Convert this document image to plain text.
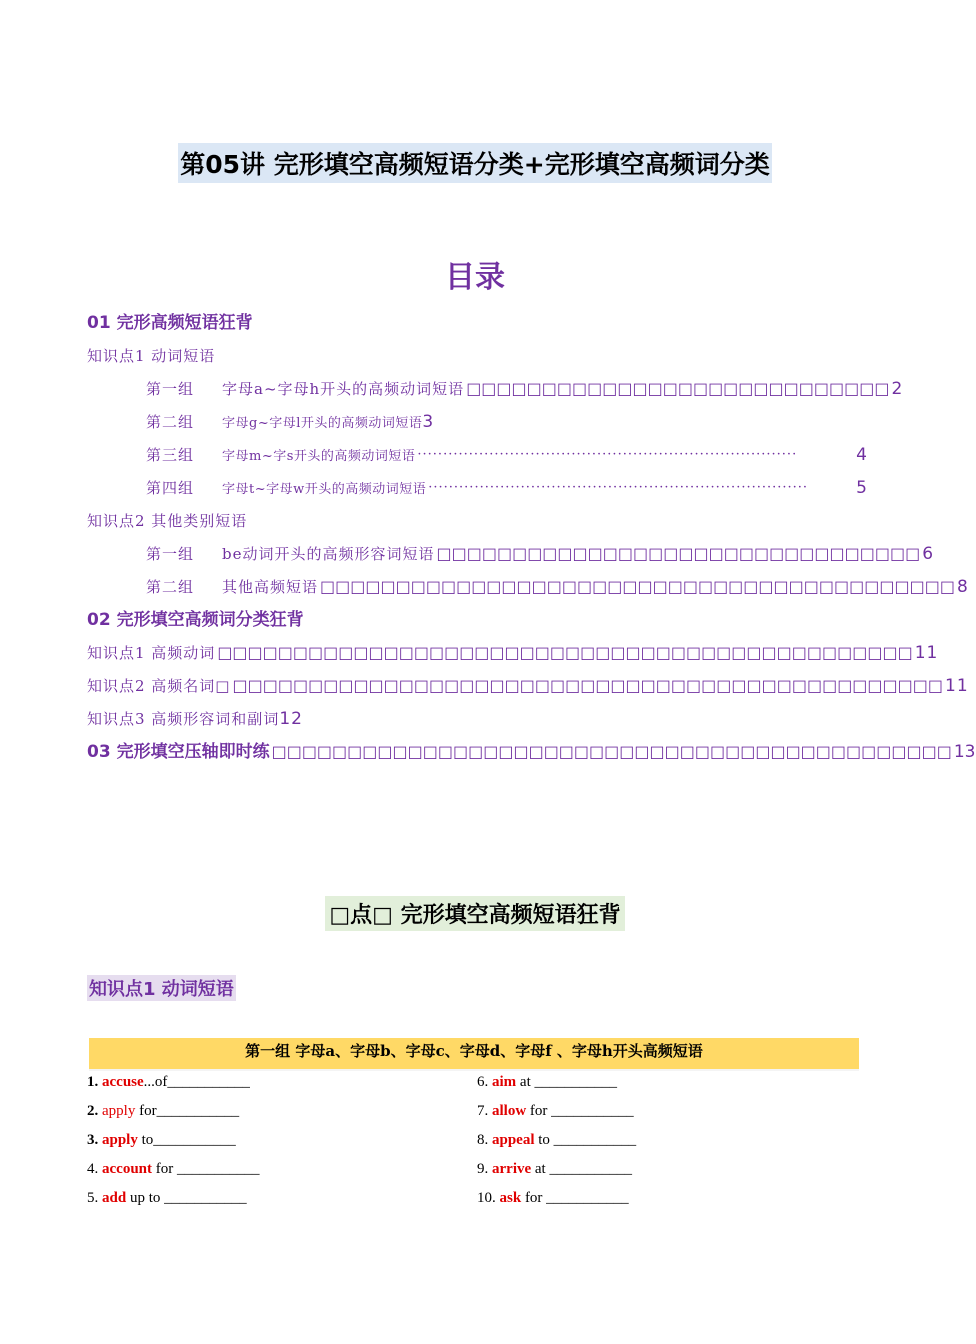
第05讲 完形填空高频短语分类+完形填空高频词分类
目录
01 完形高频短语狂背
知识点1 动词短语
第一组 字母a~字母h开头的高频动词短语 □□□□□□□□□□□□□□□□□□□□□□□□□□□□ 2
第二组 字母g~字母l开头的高频动词短语 3
第三组 字母m~字s开头的高频动词短语 ··········································································	4
第四组 字母t~字母w开头的高频动词短语 ··········································································	5
知识点2 其他类别短语
第一组 be动词开头的高频形容词短语 □□□□□□□□□□□□□□□□□□□□□□□□□□□□□□□□ 6
第二组 其他高频短语 □□□□□□□□□□□□□□□□□□□□□□□□□□□□□□□□□□□□□□□□□□ 8
02 完形填空高频词分类狂背
知识点1 高频动词 □□□□□□□□□□□□□□□□□□□□□□□□□□□□□□□□□□□□□□□□□□□□□□ 11
知识点2 高频名词□ □□□□□□□□□□□□□□□□□□□□□□□□□□□□□□□□□□□□□□□□□□□□□□□ 11
知识点3 高频形容词和副词 12
03 完形填空压轴即时练 □□□□□□□□□□□□□□□□□□□□□□□□□□□□□□□□□□□□□□□□□□□□□ 13
□点□ 完形填空高频短语狂背
知识点1 动词短语
第一组 字母a、字母b、字母c、字母d、字母f 、字母h开头高频短语
1. accuse...of___________	6. aim at ___________
2. apply for___________	7. allow for ___________
3. apply to___________	8. appeal to ___________
4. account for ___________	9. arrive at ___________
5. add up to ___________	10. ask for ___________
